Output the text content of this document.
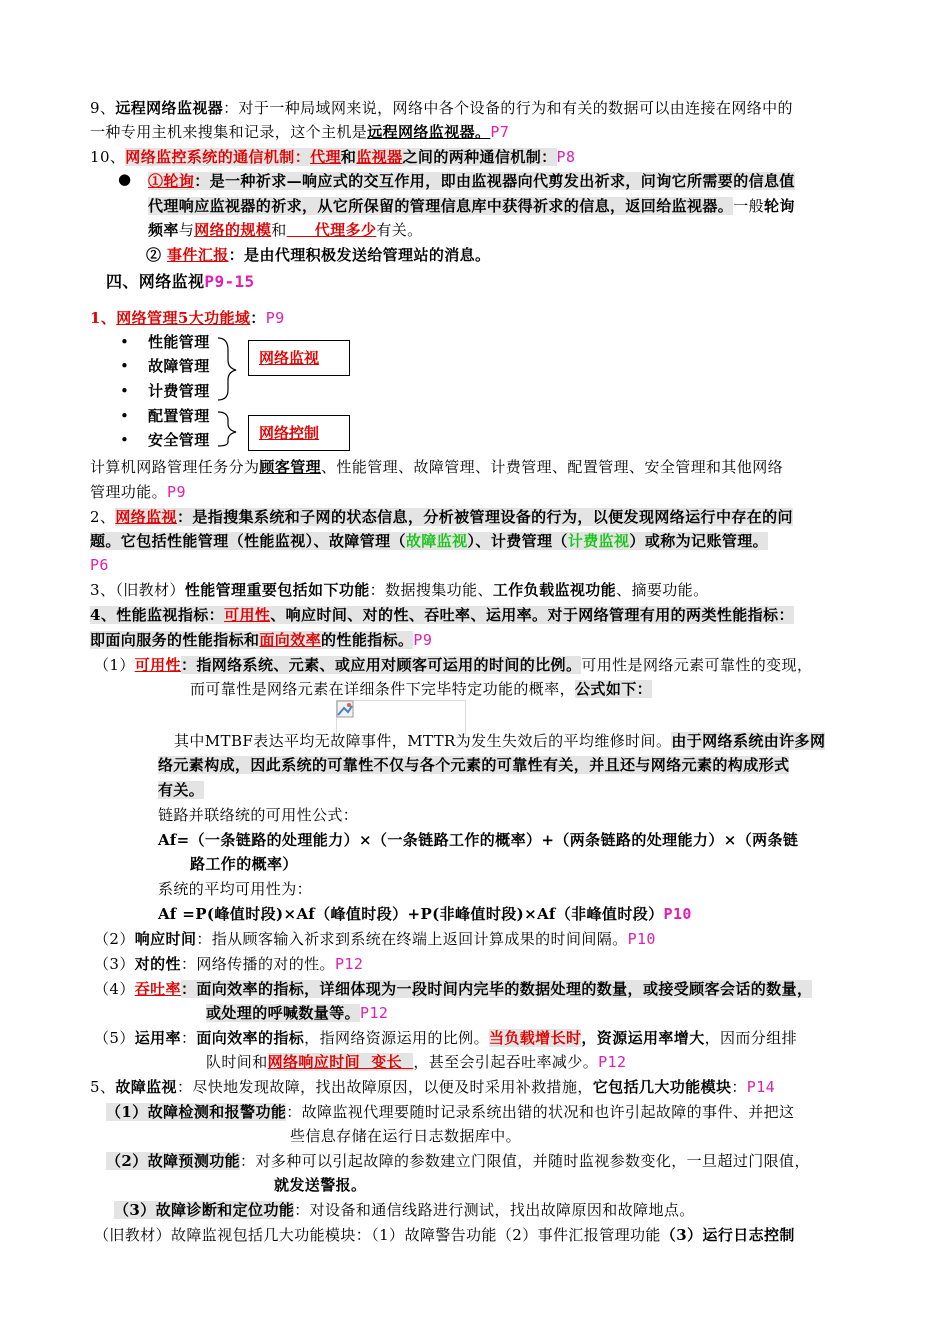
9、远程网络监视器：对于一种局域网来说，网络中各个设备的行为和有关的数据可以由连接在网络中的
一种专用主机来搜集和记录，这个主机是远程网络监视器。P7
10、网络监控系统的通信机制：代理和监视器之间的两种通信机制：P8
● ①轮询：是一种祈求—响应式的交互作用，即由监视器向代剪发出祈求，问询它所需要的信息值
代理响应监视器的祈求，从它所保留的管理信息库中获得祈求的信息，返回给监视器。一般轮询
频率与网络的规模和     代理多少有关。
② 事件汇报：是由代理积极发送给管理站的消息。
四、网络监视P9-15
1、网络管理5大功能域：P9
• 性能管理
• 故障管理
• 计费管理
• 配置管理
• 安全管理
网络监视
网络控制
计算机网路管理任务分为顾客管理、性能管理、故障管理、计费管理、配置管理、安全管理和其他网络
管理功能。P9
2、网络监视：是指搜集系统和子网的状态信息，分析被管理设备的行为，以便发现网络运行中存在的问
题。它包括性能管理（性能监视）、故障管理（故障监视）、计费管理（计费监视）或称为记账管理。
P6
3、（旧教材）性能管理重要包括如下功能：数据搜集功能、工作负载监视功能、摘要功能。
4、性能监视指标：可用性、响应时间、对的性、吞吐率、运用率。对于网络管理有用的两类性能指标：
即面向服务的性能指标和面向效率的性能指标。P9
（1）可用性：指网络系统、元素、或应用对顾客可运用的时间的比例。可用性是网络元素可靠性的变现，
而可靠性是网络元素在详细条件下完毕特定功能的概率，公式如下：
其中MTBF表达平均无故障事件，MTTR为发生失效后的平均维修时间。由于网络系统由许多网
络元素构成，因此系统的可靠性不仅与各个元素的可靠性有关，并且还与网络元素的构成形式
有关。
链路并联络统的可用性公式：
Af=（一条链路的处理能力）×（一条链路工作的概率）+（两条链路的处理能力）×（两条链
路工作的概率）
系统的平均可用性为：
Af =P(峰值时段)×Af（峰值时段）+P(非峰值时段)×Af（非峰值时段）P10
（2）响应时间：指从顾客输入祈求到系统在终端上返回计算成果的时间间隔。P10
（3）对的性：网络传播的对的性。P12
（4）吞吐率：面向效率的指标，详细体现为一段时间内完毕的数据处理的数量，或接受顾客会话的数量，
或处理的呼喊数量等。P12
（5）运用率：面向效率的指标，指网络资源运用的比例。当负载增长时，资源运用率增大，因而分组排
队时间和网络响应时间  变长  ，甚至会引起吞吐率减少。P12
5、故障监视：尽快地发现故障，找出故障原因，以便及时采用补救措施，它包括几大功能模块：P14
（1）故障检测和报警功能：故障监视代理要随时记录系统出错的状况和也许引起故障的事件、并把这
些信息存储在运行日志数据库中。
（2）故障预测功能：对多种可以引起故障的参数建立门限值，并随时监视参数变化，一旦超过门限值，
就发送警报。
（3）故障诊断和定位功能：对设备和通信线路进行测试，找出故障原因和故障地点。
（旧教材）故障监视包括几大功能模块：（1）故障警告功能（2）事件汇报管理功能（3）运行日志控制
